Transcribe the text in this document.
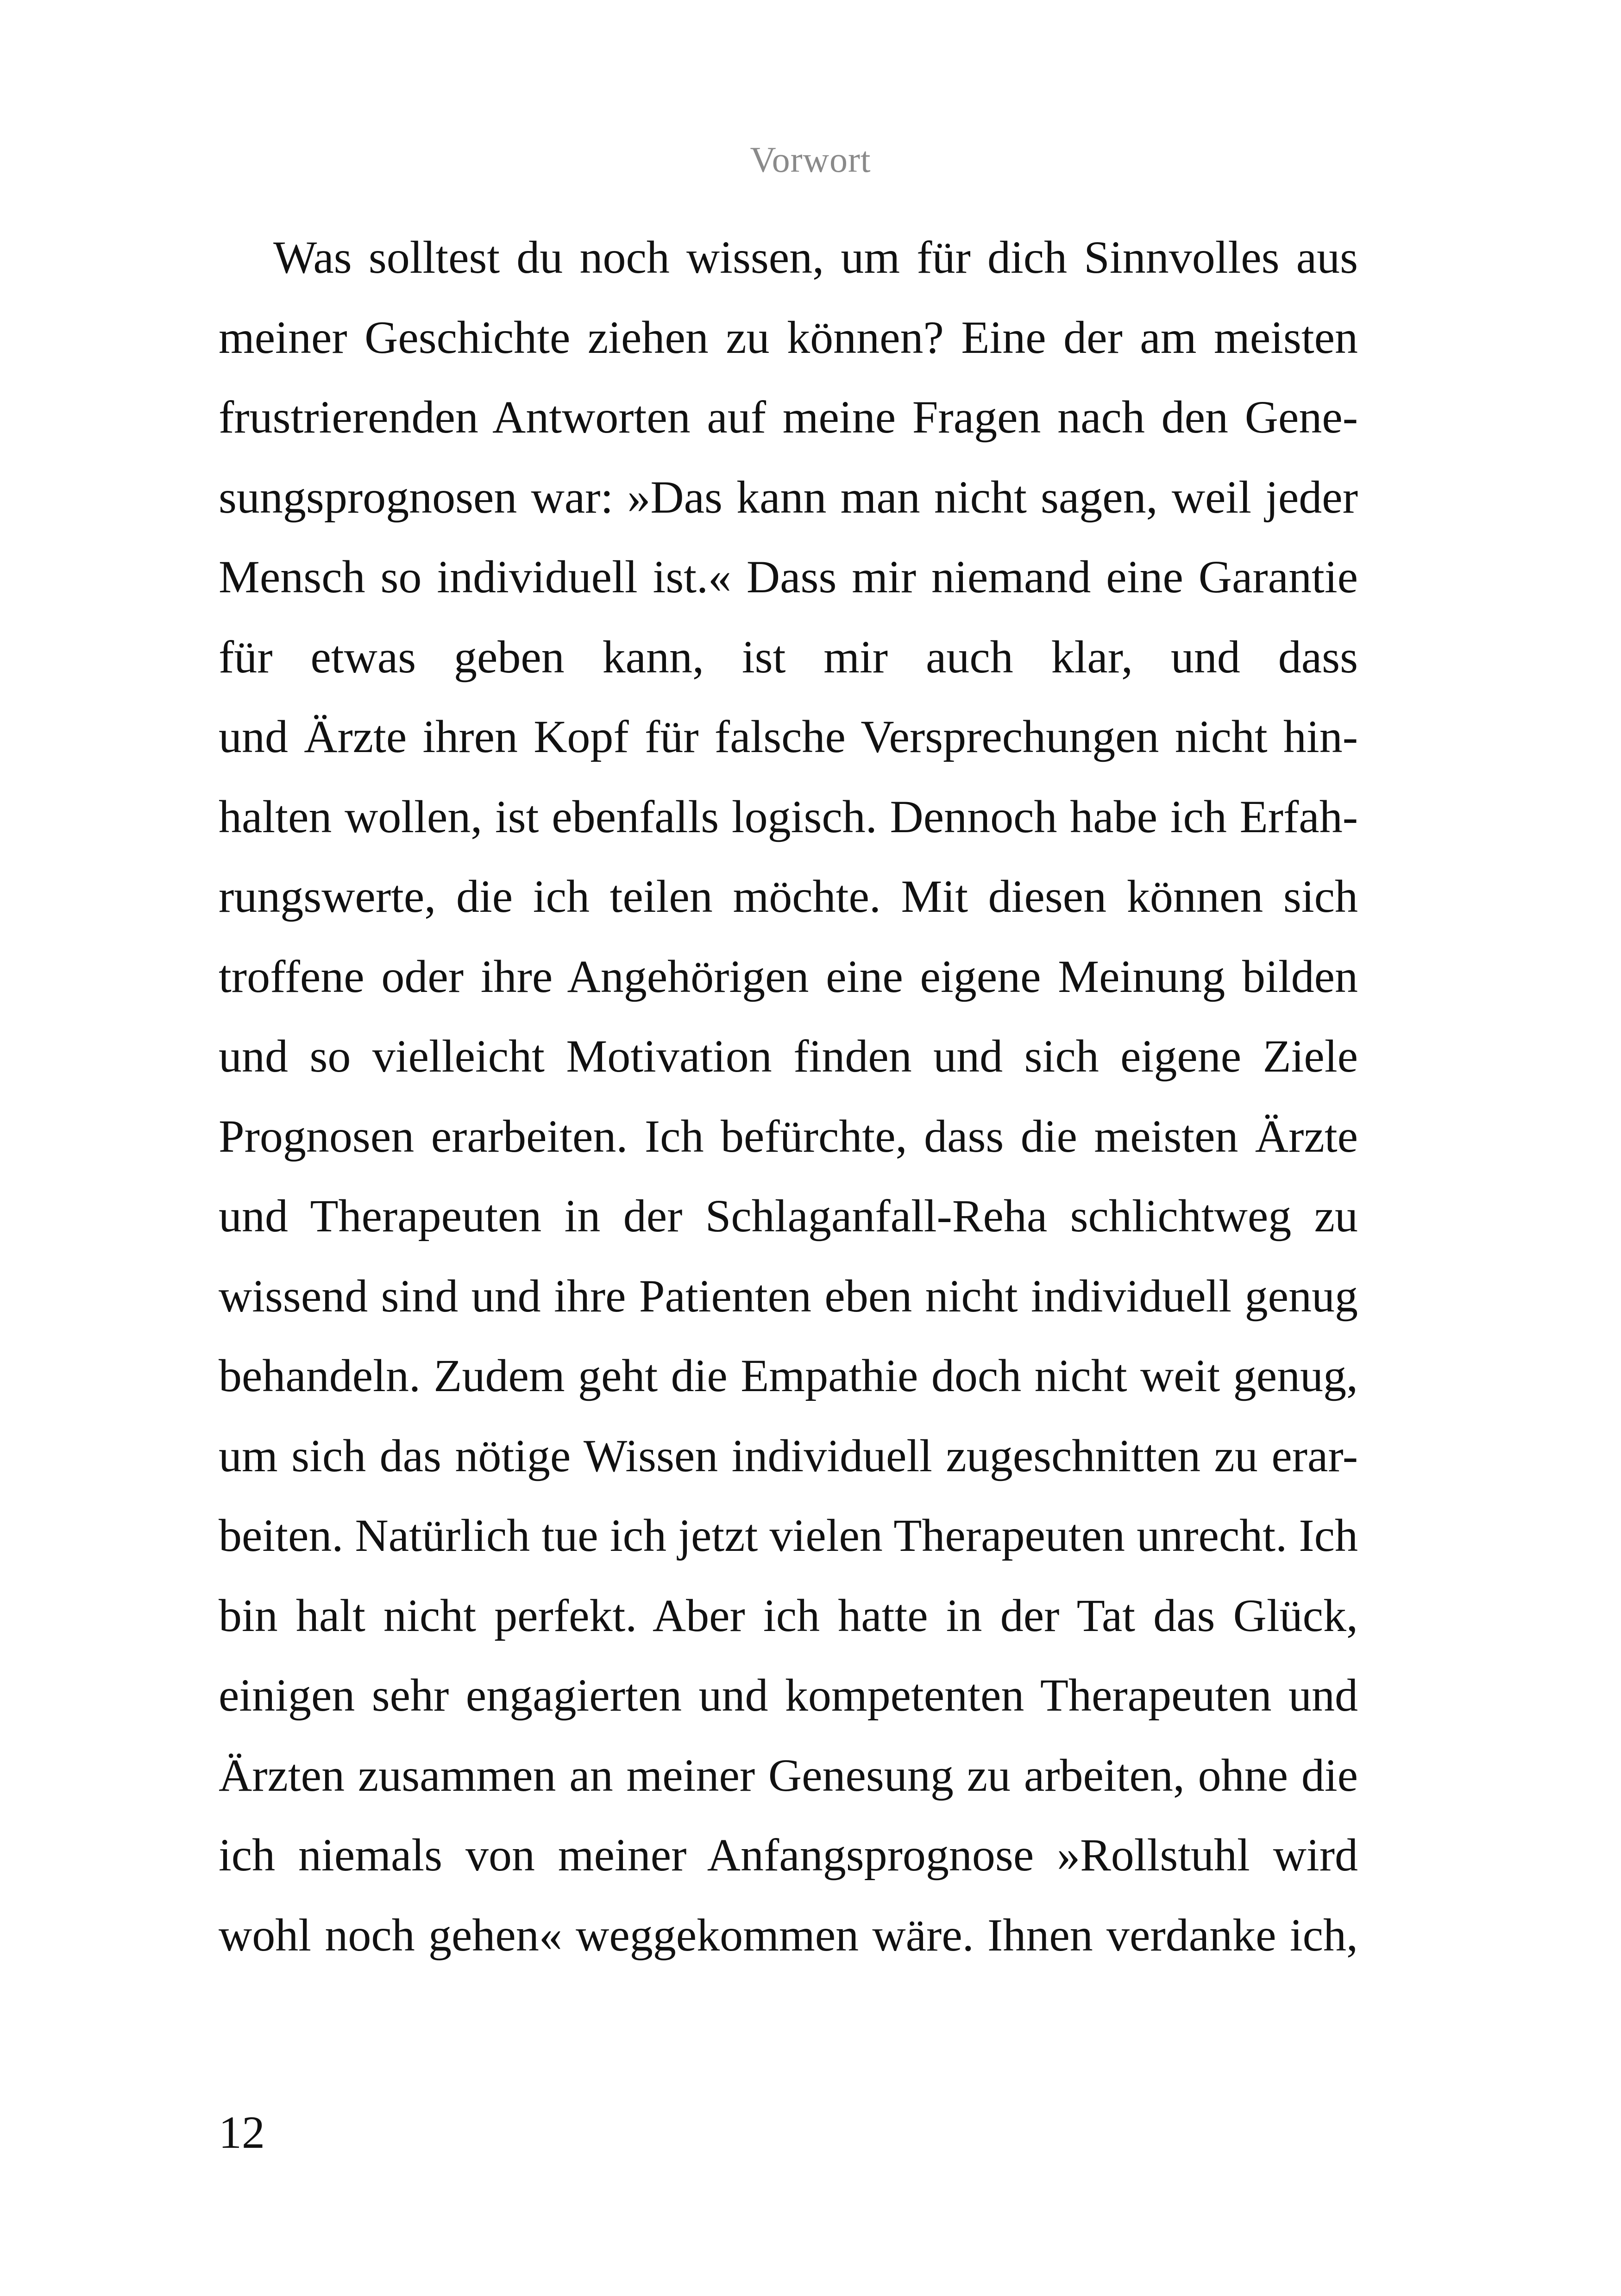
Vorwort
Was solltest du noch wissen, um für dich Sinnvolles aus
meiner Geschichte ziehen zu können? Eine der am meisten
frustrierenden Antworten auf meine Fragen nach den Gene-
sungsprognosen war: »Das kann man nicht sagen, weil jeder
Mensch so individuell ist.« Dass mir niemand eine Garantie
für etwas geben kann, ist mir auch klar, und dass
und Ärzte ihren Kopf für falsche Versprechungen nicht hin-
halten wollen, ist ebenfalls logisch. Dennoch habe ich Erfah-
rungswerte, die ich teilen möchte. Mit diesen können sich
troffene oder ihre Angehörigen eine eigene Meinung bilden
und so vielleicht Motivation finden und sich eigene Ziele
Prognosen erarbeiten. Ich befürchte, dass die meisten Ärzte
und Therapeuten in der Schlaganfall-Reha schlichtweg zu
wissend sind und ihre Patienten eben nicht individuell genug
behandeln. Zudem geht die Empathie doch nicht weit genug,
um sich das nötige Wissen individuell zugeschnitten zu erar-
beiten. Natürlich tue ich jetzt vielen Therapeuten unrecht. Ich
bin halt nicht perfekt. Aber ich hatte in der Tat das Glück,
einigen sehr engagierten und kompetenten Therapeuten und
Ärzten zusammen an meiner Genesung zu arbeiten, ohne die
ich niemals von meiner Anfangsprognose »Rollstuhl wird
wohl noch gehen« weggekommen wäre. Ihnen verdanke ich,
12
